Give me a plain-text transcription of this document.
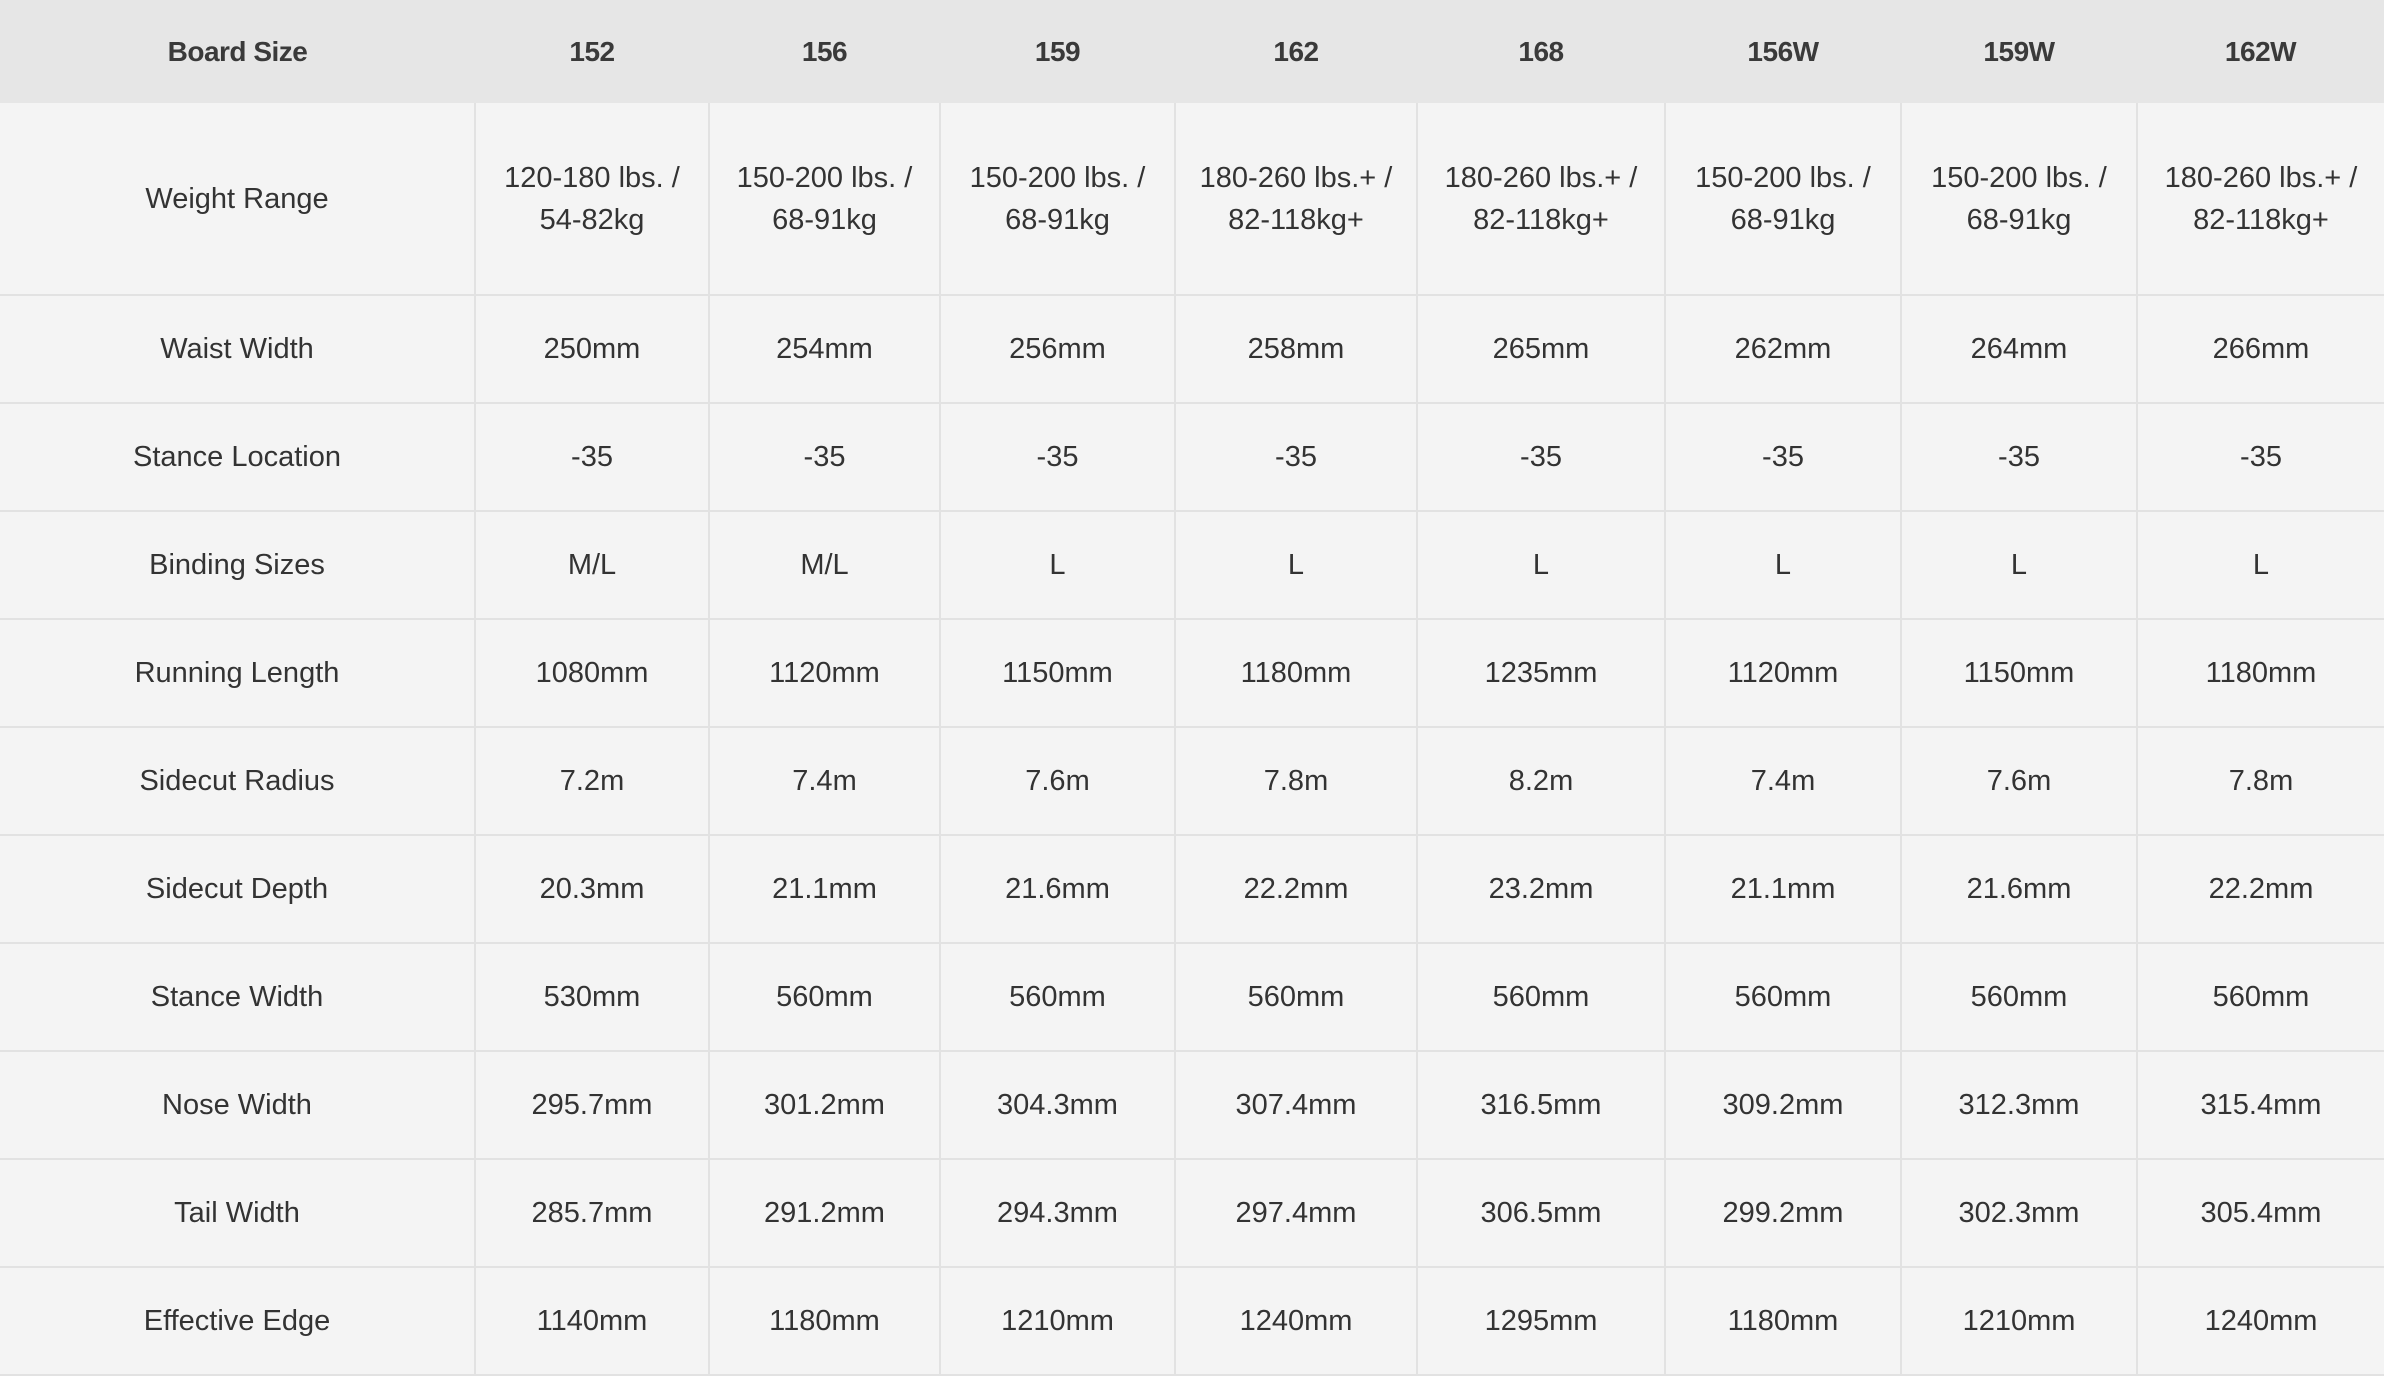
Board Size	152	156	159	162	168	156W	159W	162W
Weight Range	120-180 lbs. / 54-82kg	150-200 lbs. / 68-91kg	150-200 lbs. / 68-91kg	180-260 lbs.+ / 82-118kg+	180-260 lbs.+ / 82-118kg+	150-200 lbs. / 68-91kg	150-200 lbs. / 68-91kg	180-260 lbs.+ / 82-118kg+
Waist Width	250mm	254mm	256mm	258mm	265mm	262mm	264mm	266mm
Stance Location	-35	-35	-35	-35	-35	-35	-35	-35
Binding Sizes	M/L	M/L	L	L	L	L	L	L
Running Length	1080mm	1120mm	1150mm	1180mm	1235mm	1120mm	1150mm	1180mm
Sidecut Radius	7.2m	7.4m	7.6m	7.8m	8.2m	7.4m	7.6m	7.8m
Sidecut Depth	20.3mm	21.1mm	21.6mm	22.2mm	23.2mm	21.1mm	21.6mm	22.2mm
Stance Width	530mm	560mm	560mm	560mm	560mm	560mm	560mm	560mm
Nose Width	295.7mm	301.2mm	304.3mm	307.4mm	316.5mm	309.2mm	312.3mm	315.4mm
Tail Width	285.7mm	291.2mm	294.3mm	297.4mm	306.5mm	299.2mm	302.3mm	305.4mm
Effective Edge	1140mm	1180mm	1210mm	1240mm	1295mm	1180mm	1210mm	1240mm
